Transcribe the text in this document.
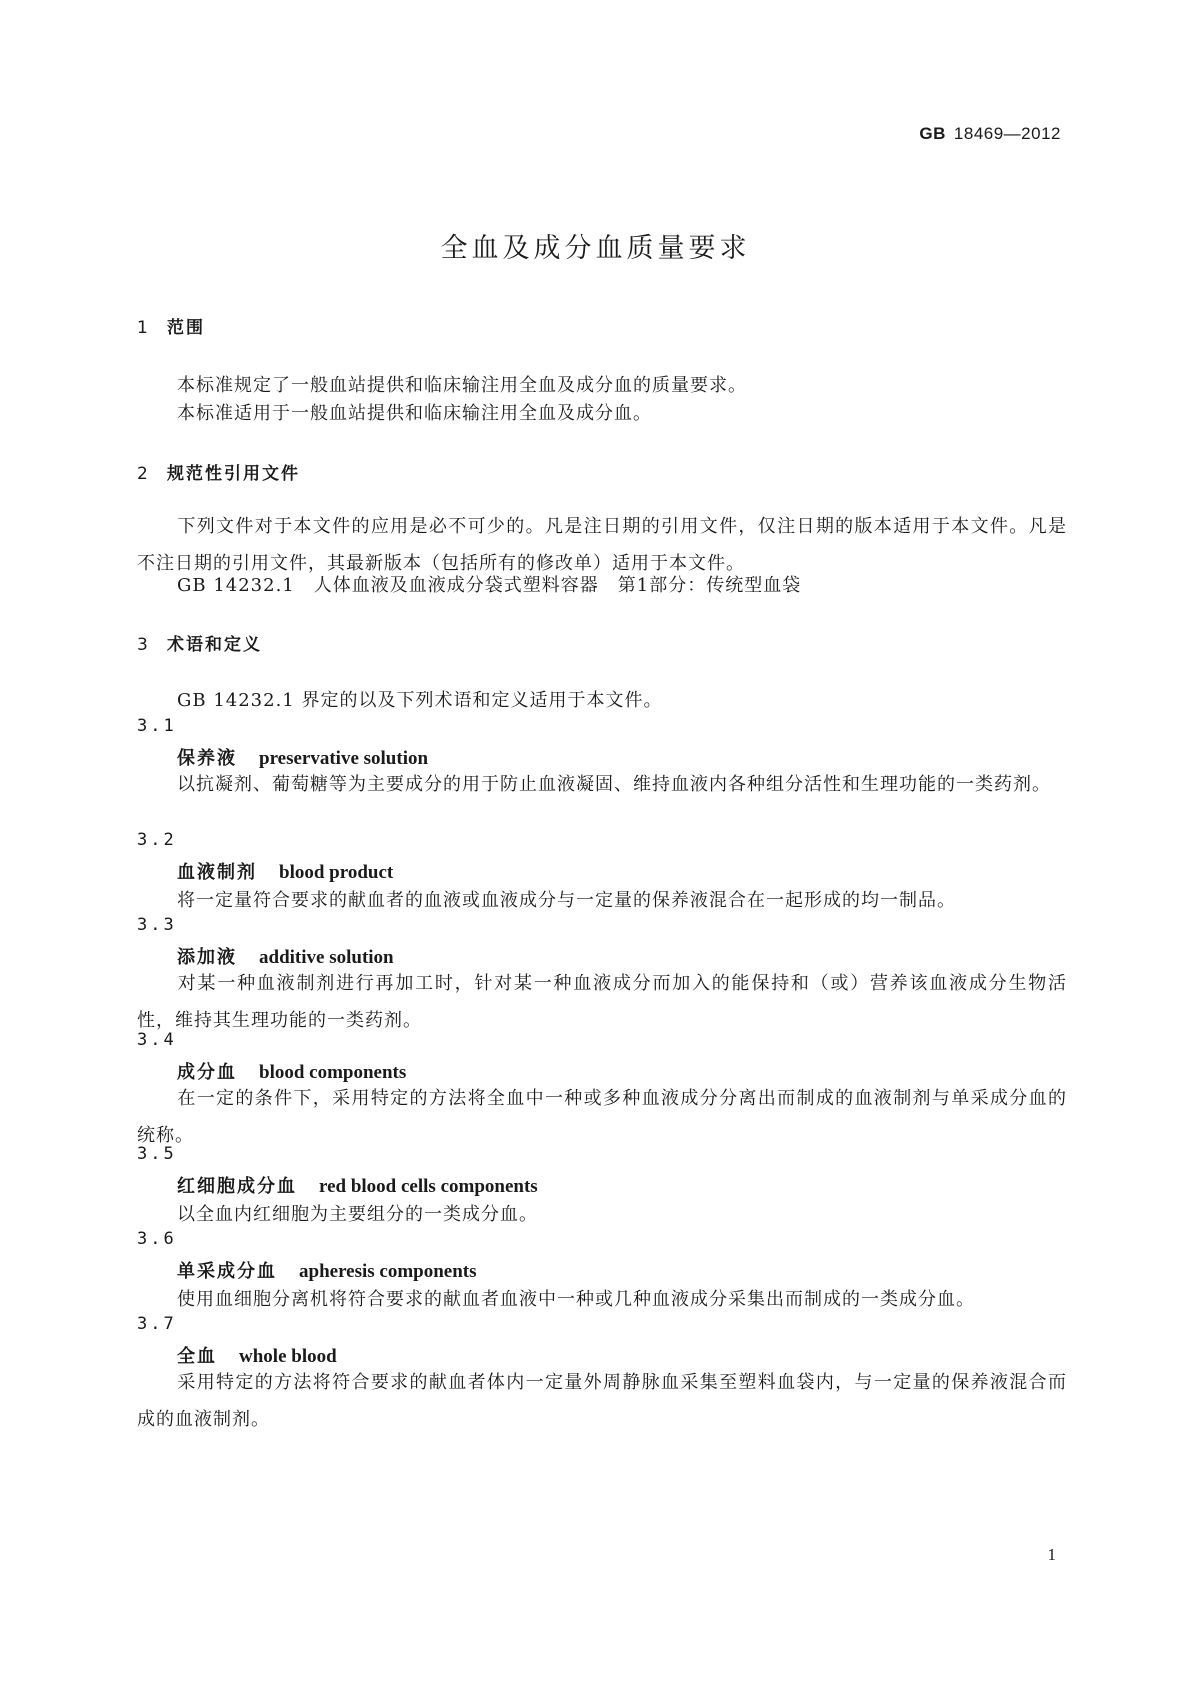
GB 18469—2012
全血及成分血质量要求
1 范围
本标准规定了一般血站提供和临床输注用全血及成分血的质量要求。
本标准适用于一般血站提供和临床输注用全血及成分血。
2 规范性引用文件
下列文件对于本文件的应用是必不可少的。凡是注日期的引用文件，仅注日期的版本适用于本文件。凡是不注日期的引用文件，其最新版本（包括所有的修改单）适用于本文件。
GB 14232.1　人体血液及血液成分袋式塑料容器　第1部分：传统型血袋
3 术语和定义
GB 14232.1 界定的以及下列术语和定义适用于本文件。
3.1
保养液 preservative solution
以抗凝剂、葡萄糖等为主要成分的用于防止血液凝固、维持血液内各种组分活性和生理功能的一类药剂。
3.2
血液制剂 blood product
将一定量符合要求的献血者的血液或血液成分与一定量的保养液混合在一起形成的均一制品。
3.3
添加液 additive solution
对某一种血液制剂进行再加工时，针对某一种血液成分而加入的能保持和（或）营养该血液成分生物活性，维持其生理功能的一类药剂。
3.4
成分血 blood components
在一定的条件下，采用特定的方法将全血中一种或多种血液成分分离出而制成的血液制剂与单采成分血的统称。
3.5
红细胞成分血 red blood cells components
以全血内红细胞为主要组分的一类成分血。
3.6
单采成分血 apheresis components
使用血细胞分离机将符合要求的献血者血液中一种或几种血液成分采集出而制成的一类成分血。
3.7
全血 whole blood
采用特定的方法将符合要求的献血者体内一定量外周静脉血采集至塑料血袋内，与一定量的保养液混合而成的血液制剂。
1
